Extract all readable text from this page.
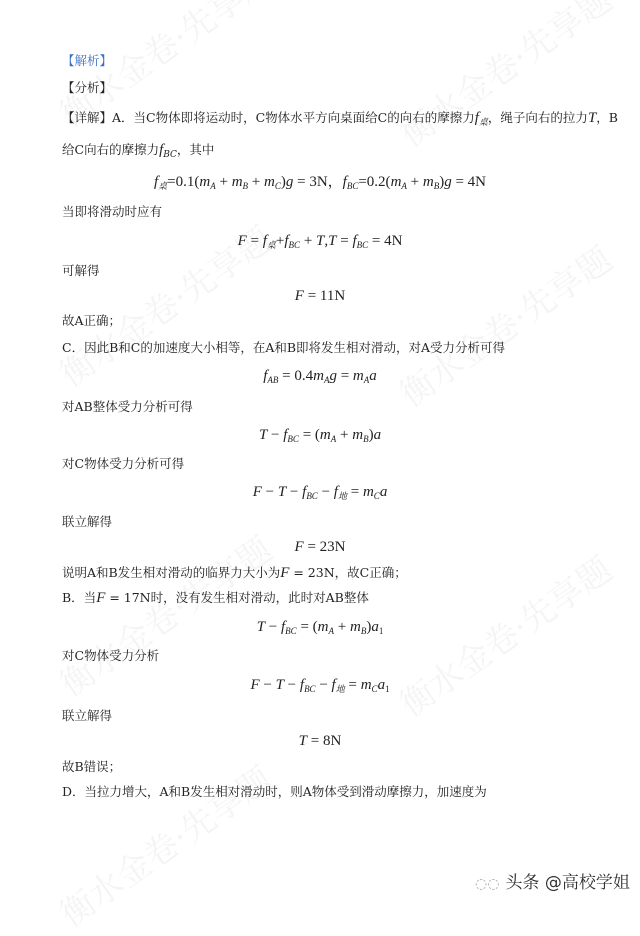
【解析】
【分析】
【详解】A．当C物体即将运动时，C物体水平方向桌面给C的向右的摩擦力$f_桌$，绳子向右的拉力T，B
给C向右的摩擦力$f_{BC}$，其中
$f_桌=0.1(m_A + m_B + m_C)g = 3N$，$f_{BC}=0.2(m_A + m_B)g = 4N$
当即将滑动时应有
$F = f_桌+f_{BC} + T,T = f_{BC} = 4N$
可解得
F = 11N
故A正确；
C．因此B和C的加速度大小相等，在A和B即将发生相对滑动，对A受力分析可得
$f_{AB} = 0.4m_Ag = m_Aa$
对AB整体受力分析可得
$T - f_{BC} = (m_A + m_B)a$
对C物体受力分析可得
$F - T - f_{BC} - f_地 = m_Ca$
联立解得
F = 23N
说明A和B发生相对滑动的临界力大小为F = 23N，故C正确；
B．当F = 17N时，没有发生相对滑动，此时对AB整体
$T - f_{BC} = (m_A + m_B)a_1$
对C物体受力分析
$F - T - f_{BC} - f_地 = m_Ca_1$
联立解得
T = 8N
故B错误；
D．当拉力增大，A和B发生相对滑动时，则A物体受到滑动摩擦力，加速度为
◌◌ 头条 @高校学姐
